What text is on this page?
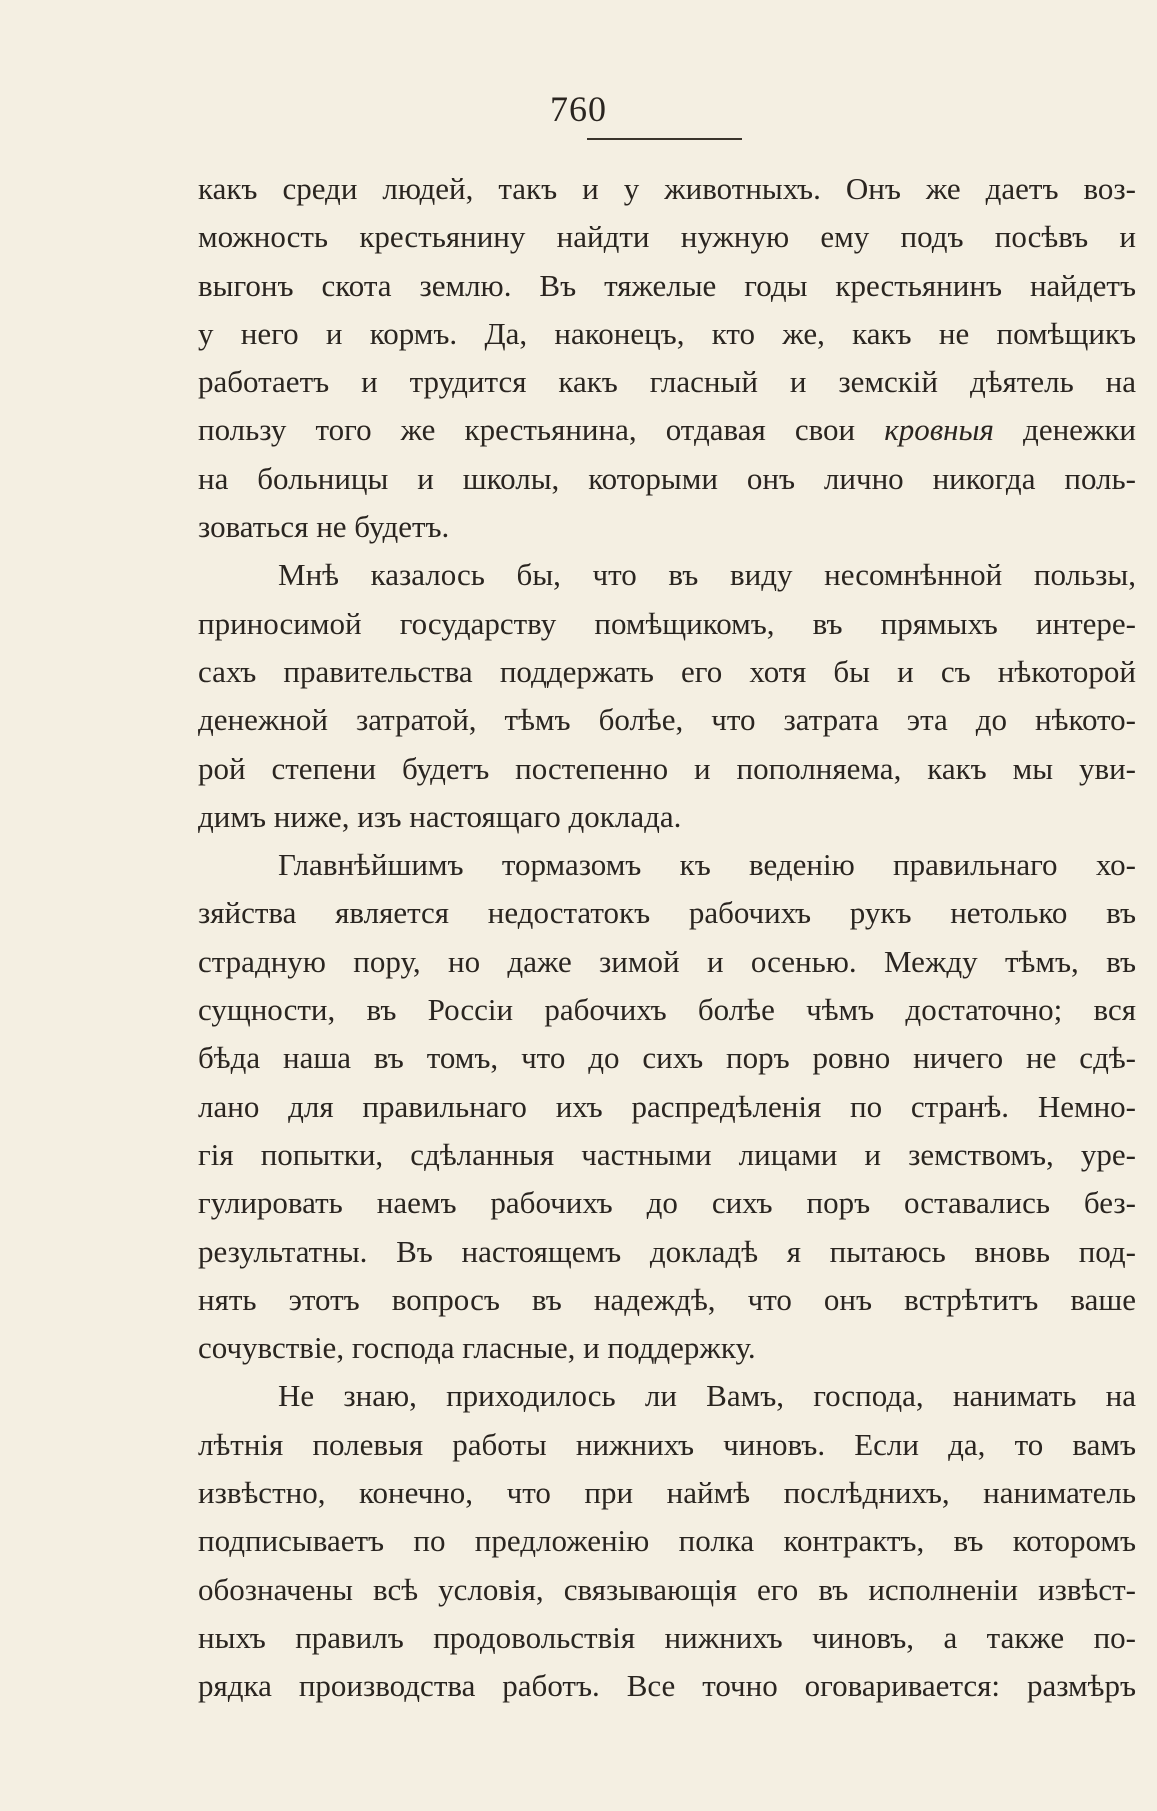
760
какъ среди людей, такъ и у животныхъ. Онъ же даетъ воз-
можность крестьянину найдти нужную ему подъ посѣвъ и
выгонъ скота землю. Въ тяжелые годы крестьянинъ найдетъ
у него и кормъ. Да, наконецъ, кто же, какъ не помѣщикъ
работаетъ и трудится какъ гласный и земскій дѣятель на
пользу того же крестьянина, отдавая свои кровныя денежки
на больницы и школы, которыми онъ лично никогда поль-
зоваться не будетъ.
Мнѣ казалось бы, что въ виду несомнѣнной пользы,
приносимой государству помѣщикомъ, въ прямыхъ интере-
сахъ правительства поддержать его хотя бы и съ нѣкоторой
денежной затратой, тѣмъ болѣе, что затрата эта до нѣкото-
рой степени будетъ постепенно и пополняема, какъ мы уви-
димъ ниже, изъ настоящаго доклада.
Главнѣйшимъ тормазомъ къ веденію правильнаго хо-
зяйства является недостатокъ рабочихъ рукъ нетолько въ
страдную пору, но даже зимой и осенью. Между тѣмъ, въ
сущности, въ Россіи рабочихъ болѣе чѣмъ достаточно; вся
бѣда наша въ томъ, что до сихъ поръ ровно ничего не сдѣ-
лано для правильнаго ихъ распредѣленія по странѣ. Немно-
гія попытки, сдѣланныя частными лицами и земствомъ, уре-
гулировать наемъ рабочихъ до сихъ поръ оставались без-
результатны. Въ настоящемъ докладѣ я пытаюсь вновь под-
нять этотъ вопросъ въ надеждѣ, что онъ встрѣтитъ ваше
сочувствіе, господа гласные, и поддержку.
Не знаю, приходилось ли Вамъ, господа, нанимать на
лѣтнія полевыя работы нижнихъ чиновъ. Если да, то вамъ
извѣстно, конечно, что при наймѣ послѣднихъ, наниматель
подписываетъ по предложенію полка контрактъ, въ которомъ
обозначены всѣ условія, связывающія его въ исполненіи извѣст-
ныхъ правилъ продовольствія нижнихъ чиновъ, а также по-
рядка производства работъ. Все точно оговаривается: размѣръ
